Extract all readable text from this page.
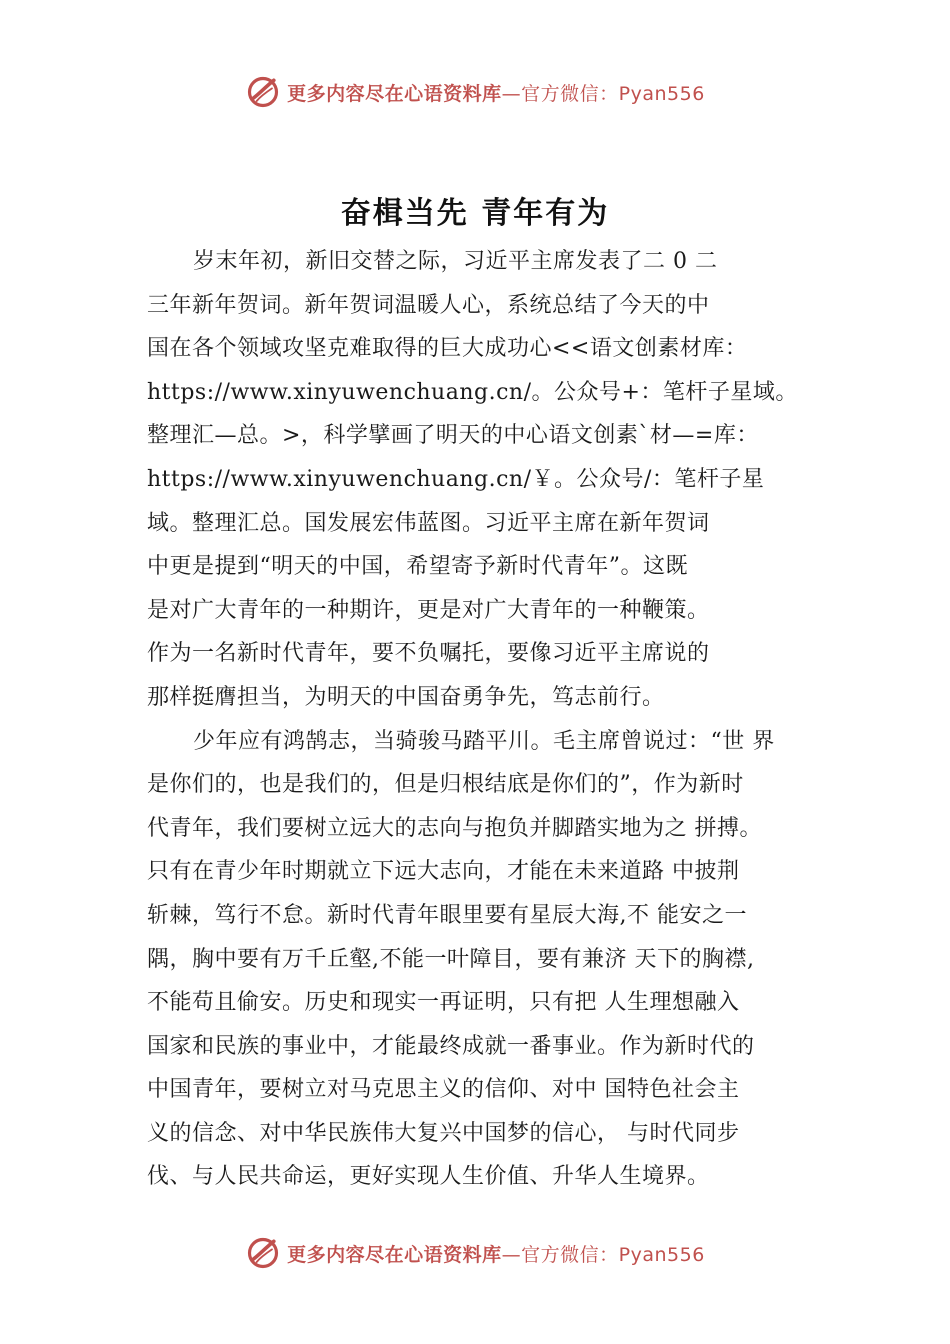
更多内容尽在心语资料库—官方微信：Pyan556
奋楫当先 青年有为
岁末年初，新旧交替之际，习近平主席发表了二 0 二
三年新年贺词。新年贺词温暖人心，系统总结了今天的中
国在各个领域攻坚克难取得的巨大成功心<<语文创素材库：
https://www.xinyuwenchuang.cn/。公众号+：笔杆子星域。
整理汇—总。>，科学擘画了明天的中心语文创素`材—=库：
https://www.xinyuwenchuang.cn/￥。公众号/：笔杆子星
域。整理汇总。国发展宏伟蓝图。习近平主席在新年贺词
中更是提到“明天的中国，希望寄予新时代青年”。这既
是对广大青年的一种期许，更是对广大青年的一种鞭策。
作为一名新时代青年，要不负嘱托，要像习近平主席说的
那样挺膺担当，为明天的中国奋勇争先，笃志前行。
少年应有鸿鹄志，当骑骏马踏平川。毛主席曾说过：“世 界
是你们的，也是我们的，但是归根结底是你们的”，作为新时
代青年，我们要树立远大的志向与抱负并脚踏实地为之 拼搏。
只有在青少年时期就立下远大志向，才能在未来道路 中披荆
斩棘，笃行不怠。新时代青年眼里要有星辰大海,不 能安之一
隅，胸中要有万千丘壑,不能一叶障目，要有兼济 天下的胸襟,
不能苟且偷安。历史和现实一再证明，只有把 人生理想融入
国家和民族的事业中，才能最终成就一番事业。作为新时代的
中国青年，要树立对马克思主义的信仰、对中 国特色社会主
义的信念、对中华民族伟大复兴中国梦的信心， 与时代同步
伐、与人民共命运，更好实现人生价值、升华人生境界。
更多内容尽在心语资料库—官方微信：Pyan556
